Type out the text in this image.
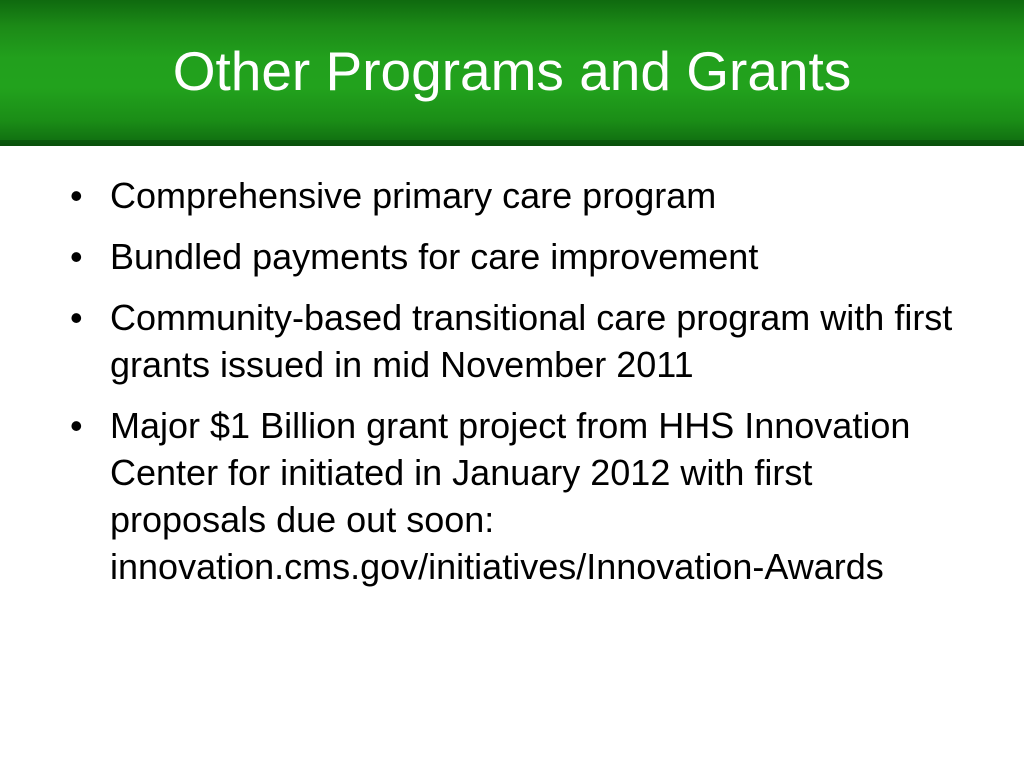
Other Programs and Grants
• Comprehensive primary care program
• Bundled payments for care improvement
• Community-based transitional care program with first grants issued in mid November 2011
• Major $1 Billion grant project from HHS Innovation Center for initiated in January 2012 with first proposals due out soon: innovation.cms.gov/initiatives/Innovation-Awards
